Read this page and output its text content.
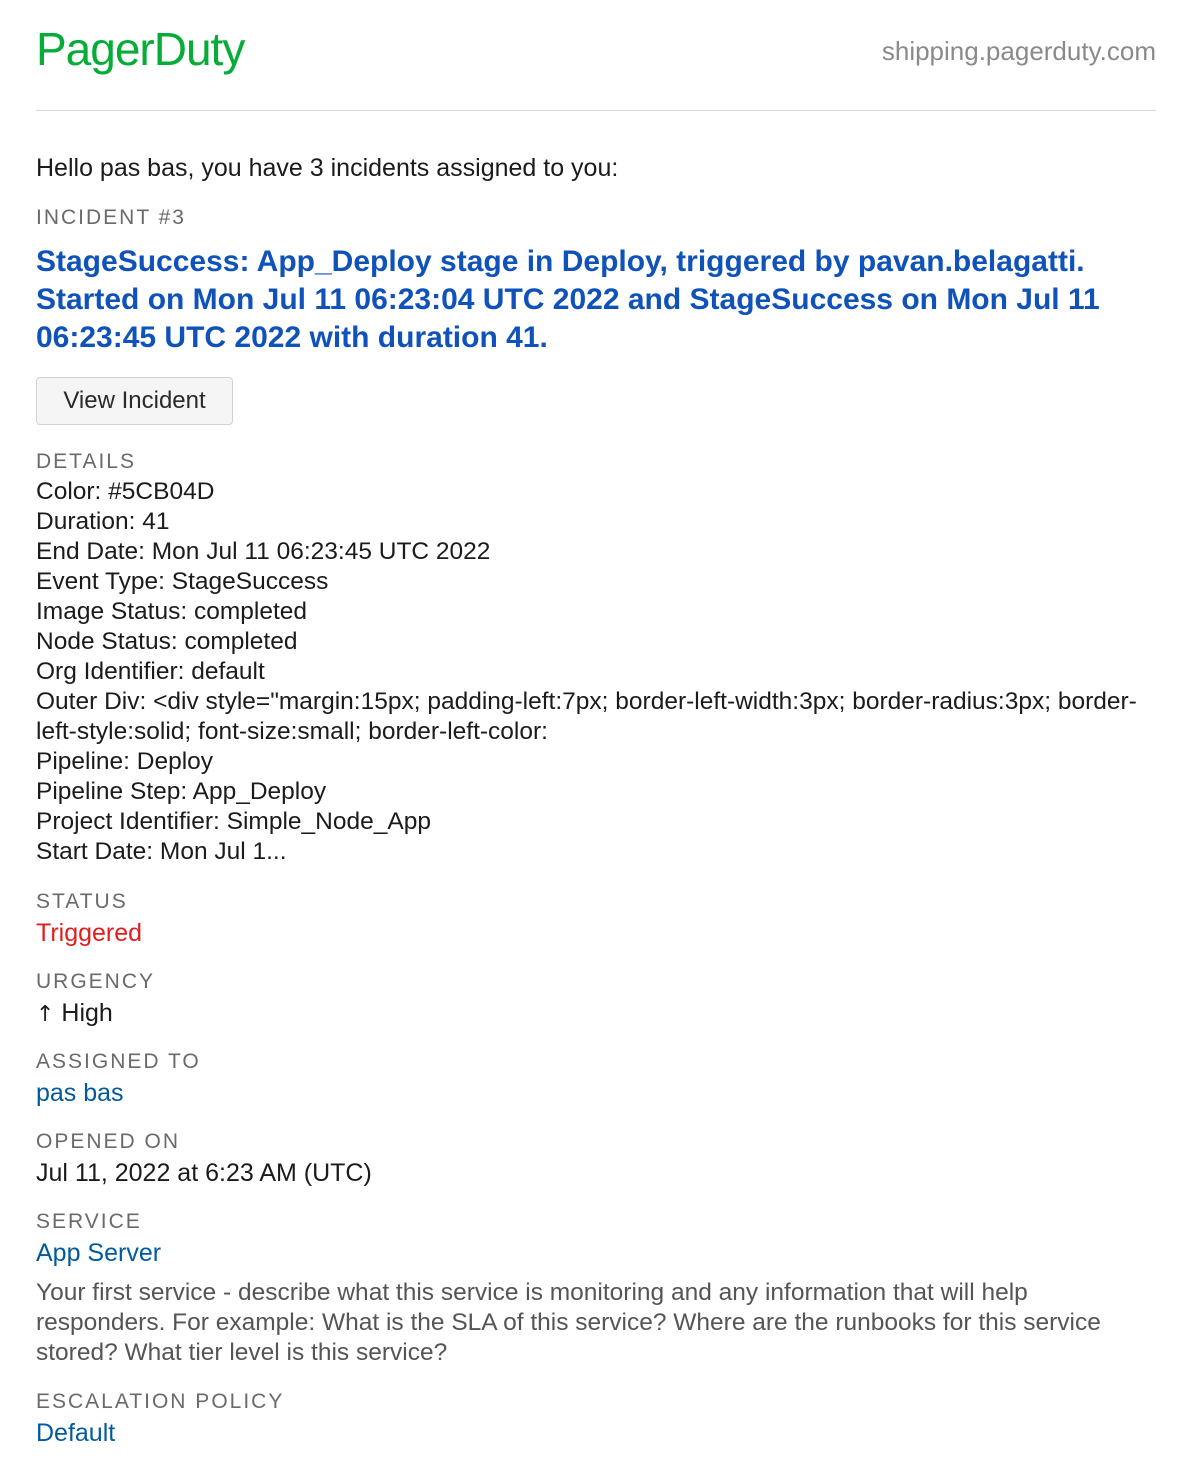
PagerDuty	shipping.pagerduty.com
Hello pas bas, you have 3 incidents assigned to you:
INCIDENT #3
StageSuccess: App_Deploy stage in Deploy, triggered by pavan.belagatti. Started on Mon Jul 11 06:23:04 UTC 2022 and StageSuccess on Mon Jul 11 06:23:45 UTC 2022 with duration 41.
View Incident
DETAILS
Color: #5CB04D
Duration: 41
End Date: Mon Jul 11 06:23:45 UTC 2022
Event Type: StageSuccess
Image Status: completed
Node Status: completed
Org Identifier: default
Outer Div: <div style="margin:15px; padding-left:7px; border-left-width:3px; border-radius:3px; border-left-style:solid; font-size:small; border-left-color:
Pipeline: Deploy
Pipeline Step: App_Deploy
Project Identifier: Simple_Node_App
Start Date: Mon Jul 1...
STATUS
Triggered
URGENCY
↑ High
ASSIGNED TO
pas bas
OPENED ON
Jul 11, 2022 at 6:23 AM (UTC)
SERVICE
App Server
Your first service - describe what this service is monitoring and any information that will help responders. For example: What is the SLA of this service? Where are the runbooks for this service stored? What tier level is this service?
ESCALATION POLICY
Default
